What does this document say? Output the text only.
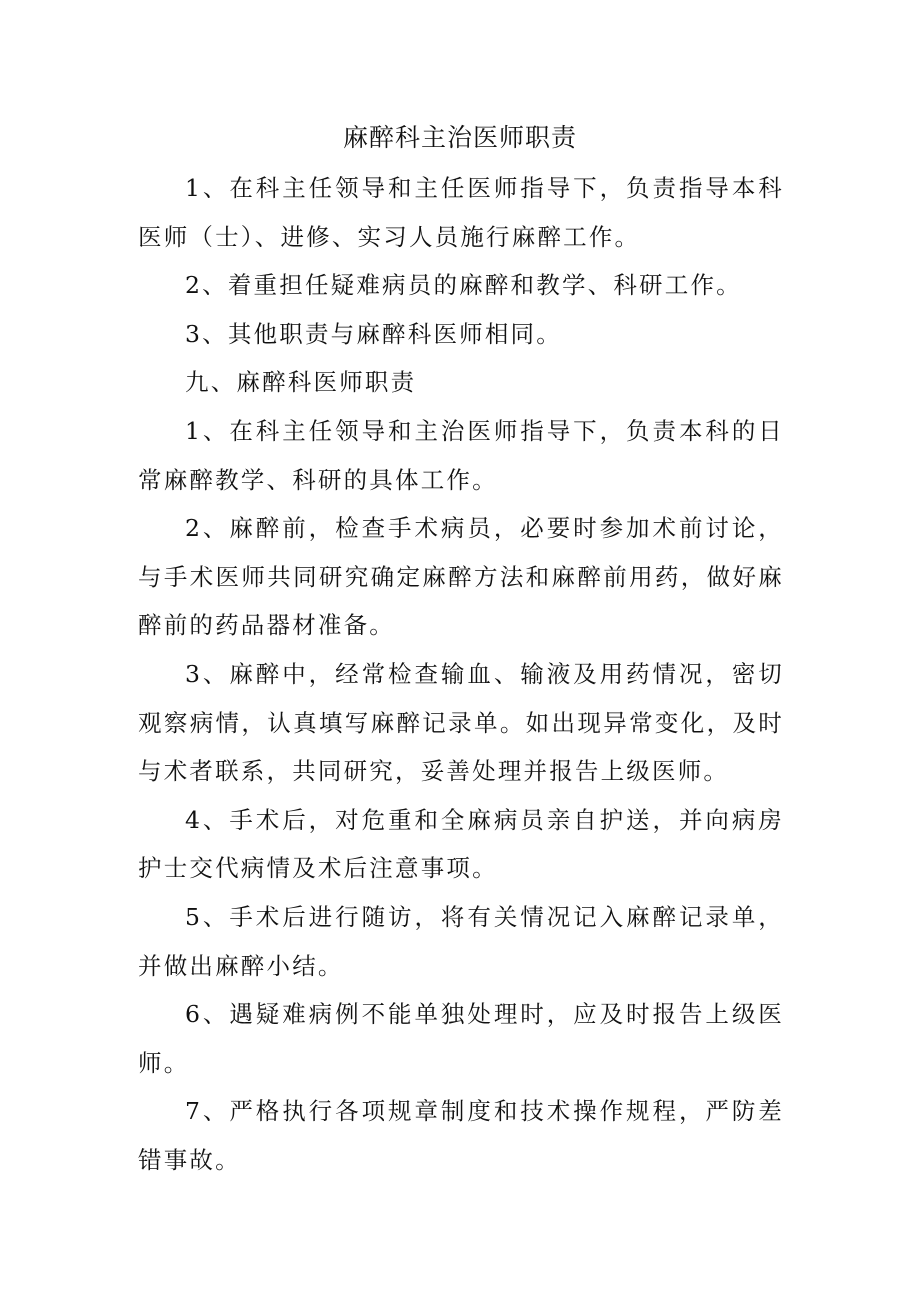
麻醉科主治医师职责

1、在科主任领导和主任医师指导下，负责指导本科医师（士）、进修、实习人员施行麻醉工作。

2、着重担任疑难病员的麻醉和教学、科研工作。

3、其他职责与麻醉科医师相同。

九、麻醉科医师职责

1、在科主任领导和主治医师指导下，负责本科的日常麻醉教学、科研的具体工作。

2、麻醉前，检查手术病员，必要时参加术前讨论，与手术医师共同研究确定麻醉方法和麻醉前用药，做好麻醉前的药品器材准备。

3、麻醉中，经常检查输血、输液及用药情况，密切观察病情，认真填写麻醉记录单。如出现异常变化，及时与术者联系，共同研究，妥善处理并报告上级医师。

4、手术后，对危重和全麻病员亲自护送，并向病房护士交代病情及术后注意事项。

5、手术后进行随访，将有关情况记入麻醉记录单，并做出麻醉小结。

6、遇疑难病例不能单独处理时，应及时报告上级医师。

7、严格执行各项规章制度和技术操作规程，严防差错事故。
